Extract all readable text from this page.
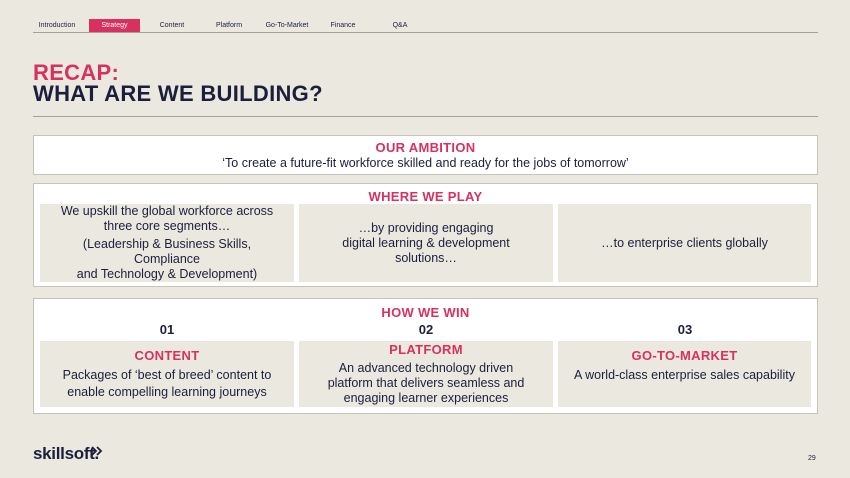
Introduction	Strategy	Content	Platform	Go-To-Market	Finance	Q&A
RECAP:
WHAT ARE WE BUILDING?
OUR AMBITION
‘To create a future-fit workforce skilled and ready for the jobs of tomorrow’
WHERE WE PLAY
We upskill the global workforce across
three core segments…
(Leadership & Business Skills,
Compliance
and Technology & Development)
…by providing engaging
digital learning & development
solutions…
…to enterprise clients globally
HOW WE WIN
01	02	03
CONTENT
Packages of ‘best of breed’ content to
enable compelling learning journeys
PLATFORM
An advanced technology driven
platform that delivers seamless and
engaging learner experiences
GO-TO-MARKET
A world-class enterprise sales capability
skillsoft.	29
